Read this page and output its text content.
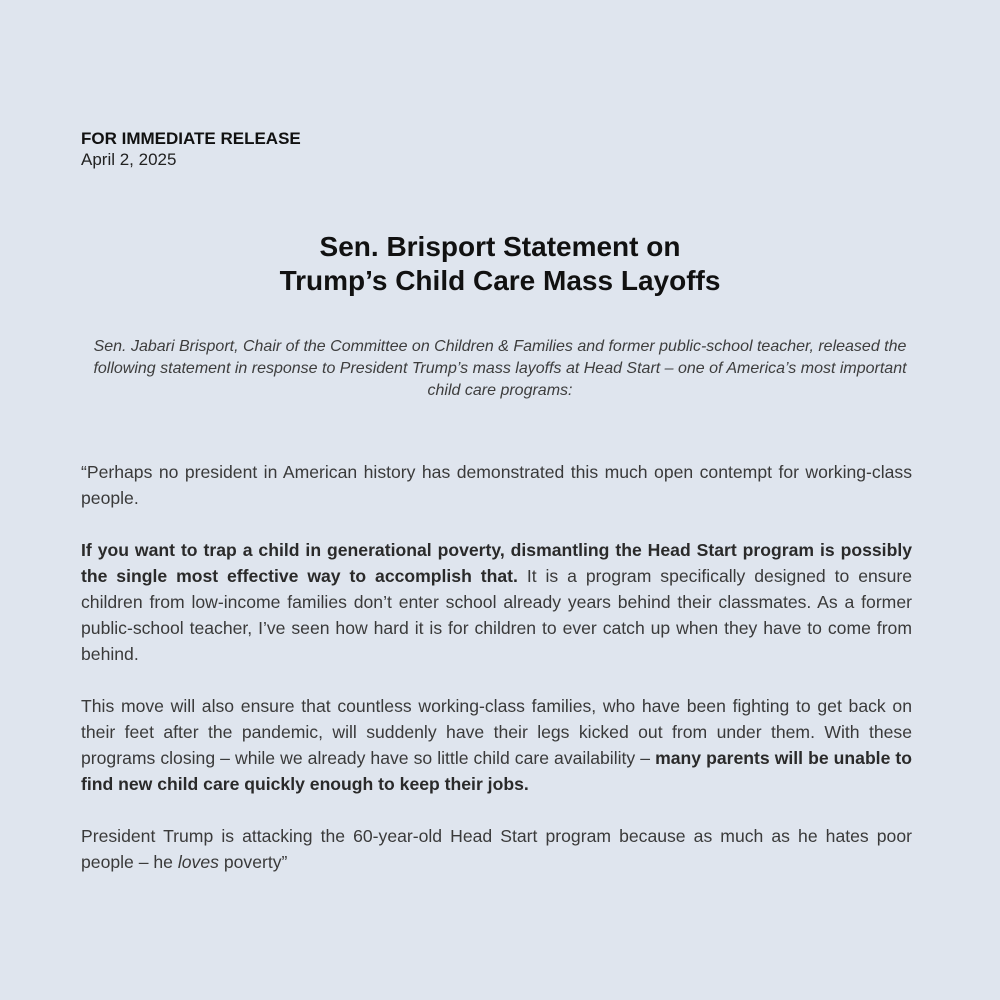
FOR IMMEDIATE RELEASE
April 2, 2025
Sen. Brisport Statement on
Trump’s Child Care Mass Layoffs

Sen. Jabari Brisport, Chair of the Committee on Children & Families and former public-school teacher, released the following statement in response to President Trump’s mass layoffs at Head Start – one of America’s most important child care programs:

“Perhaps no president in American history has demonstrated this much open contempt for working-class people.

If you want to trap a child in generational poverty, dismantling the Head Start program is possibly the single most effective way to accomplish that. It is a program specifically designed to ensure children from low-income families don’t enter school already years behind their classmates. As a former public-school teacher, I’ve seen how hard it is for children to ever catch up when they have to come from behind.

This move will also ensure that countless working-class families, who have been fighting to get back on their feet after the pandemic, will suddenly have their legs kicked out from under them. With these programs closing – while we already have so little child care availability – many parents will be unable to find new child care quickly enough to keep their jobs.

President Trump is attacking the 60-year-old Head Start program because as much as he hates poor people – he loves poverty”
